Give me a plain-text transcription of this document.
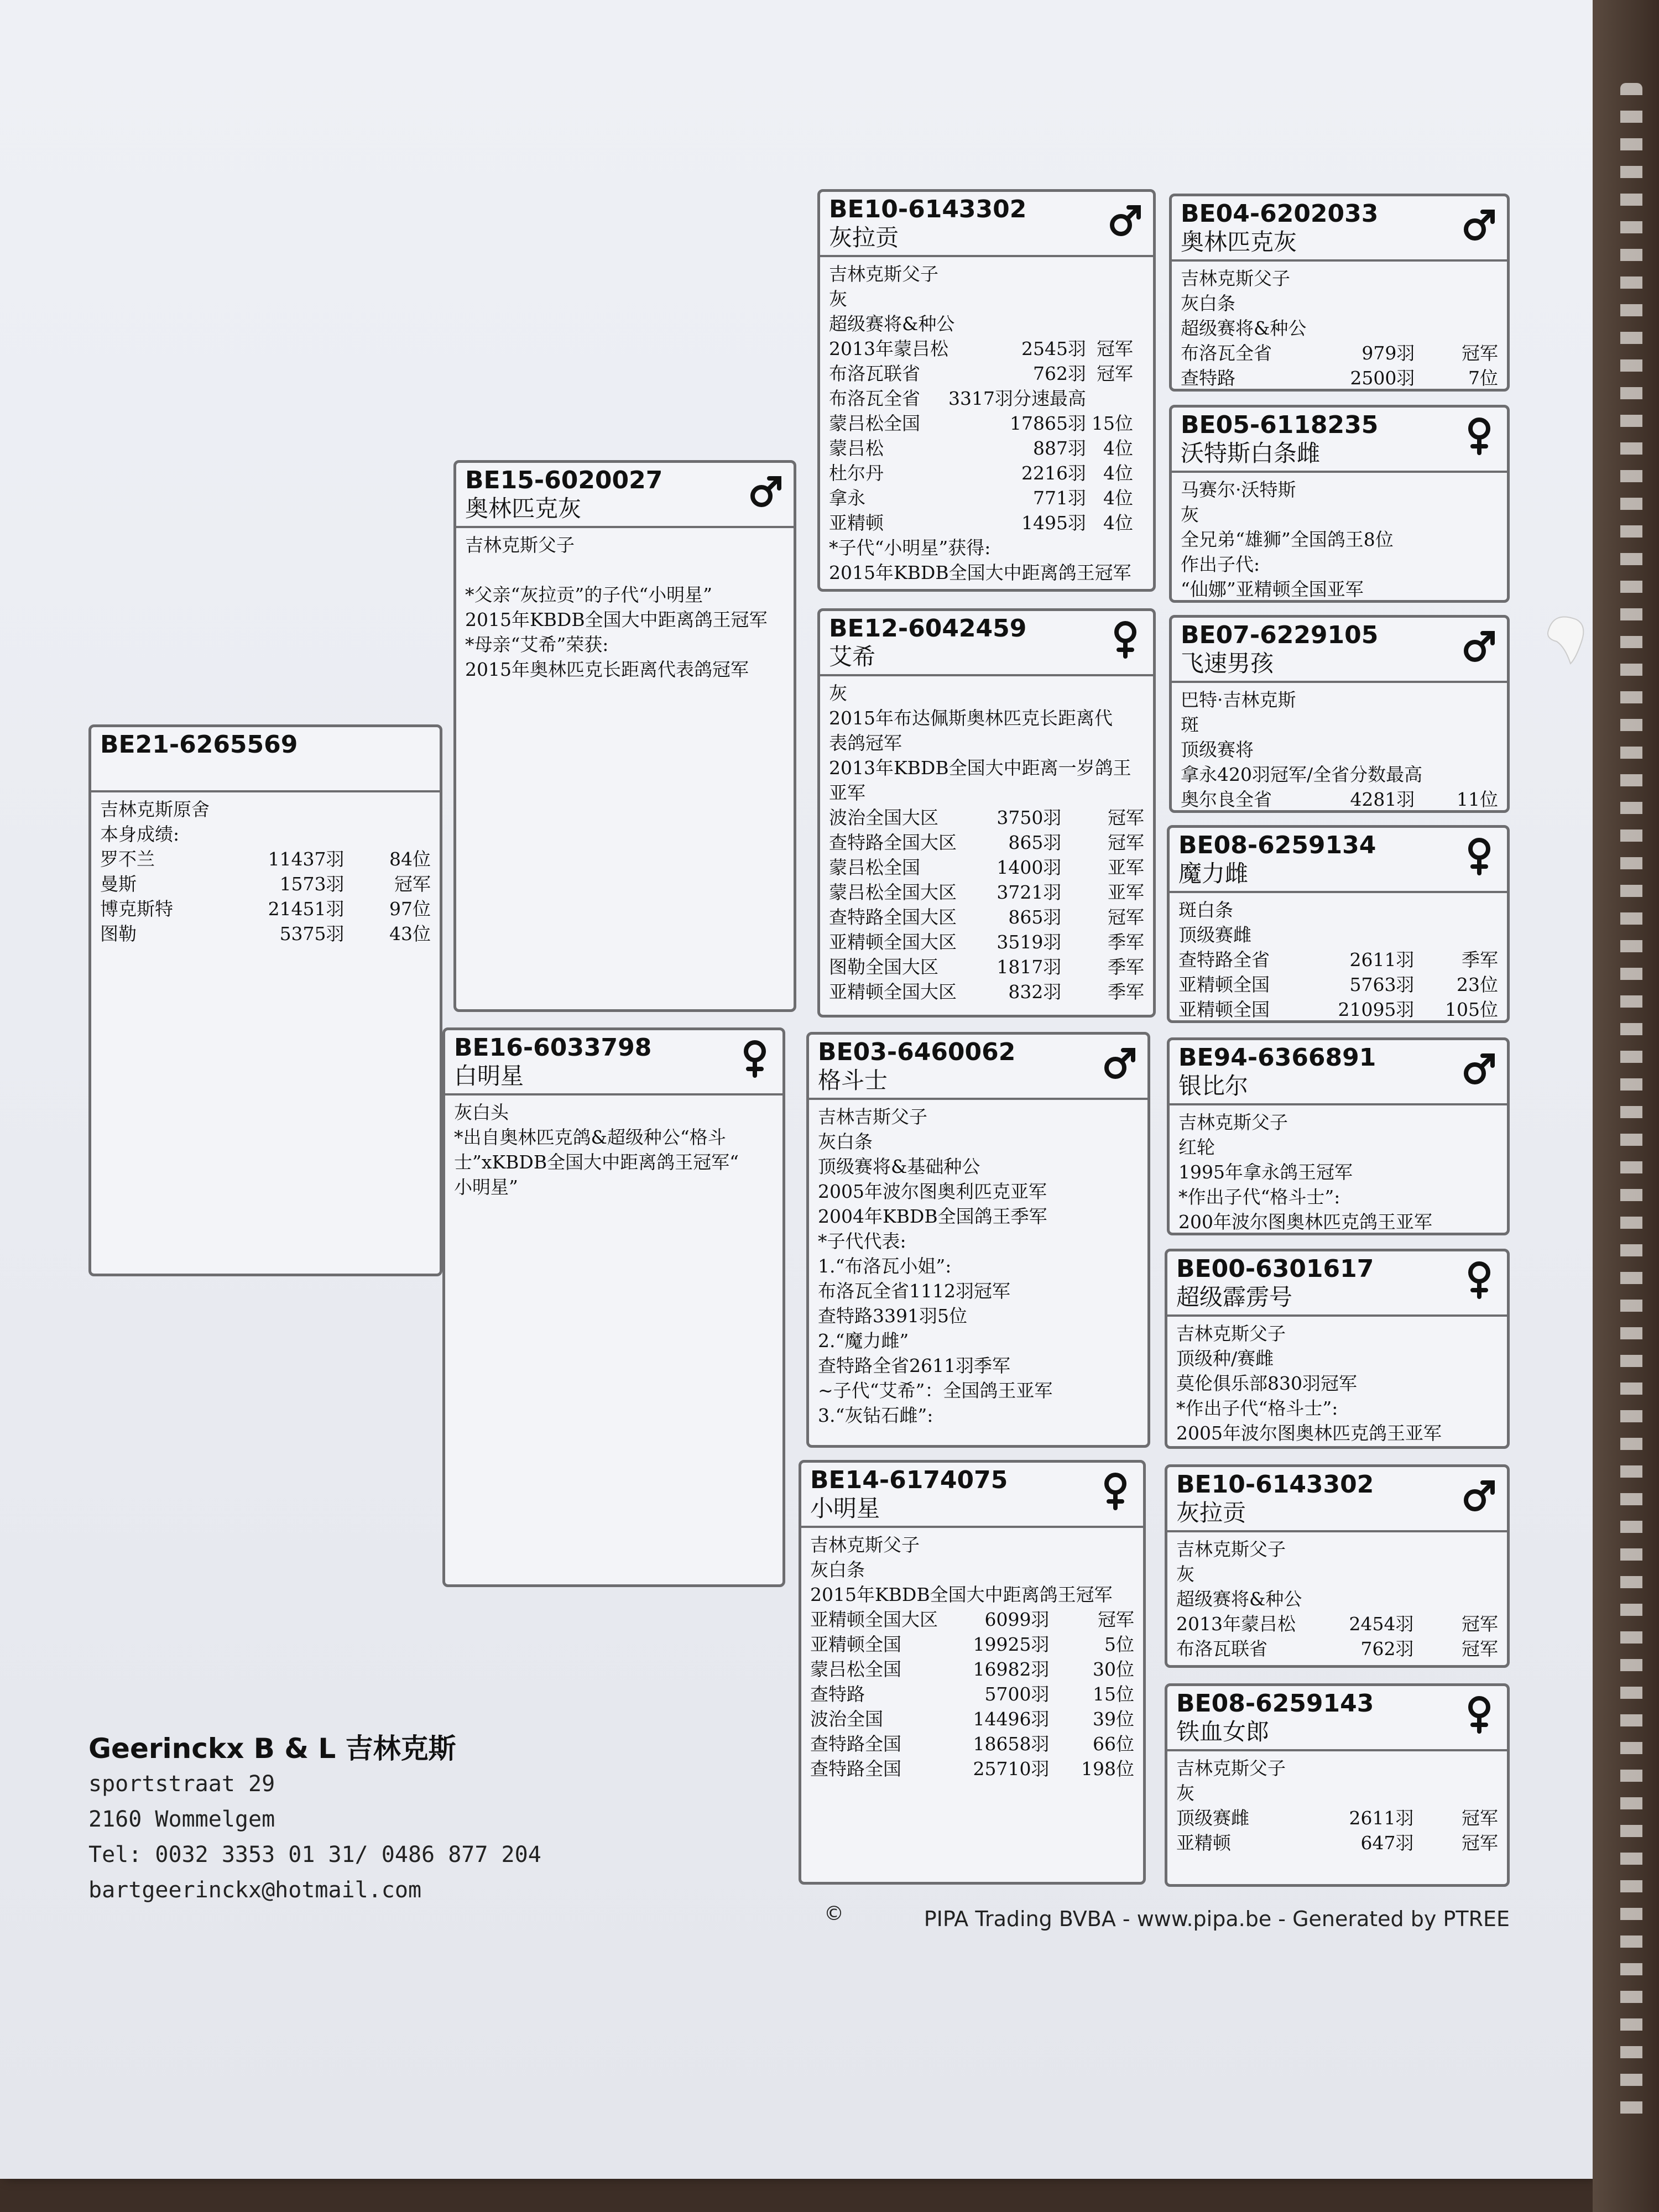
BE21-6265569

吉林克斯原舍
本身成绩:
罗不兰	11437羽	84位
曼斯	1573羽	冠军
博克斯特	21451羽	97位
图勒	5375羽	43位
BE15-6020027
奥林匹克灰
吉林克斯父子

*父亲“灰拉贡”的子代“小明星”
2015年KBDB全国大中距离鸽王冠军
*母亲“艾希”荣获:
2015年奥林匹克长距离代表鸽冠军
BE16-6033798
白明星
灰白头
*出自奥林匹克鸽&超级种公“格斗
士”xKBDB全国大中距离鸽王冠军“
小明星”
BE10-6143302
灰拉贡
吉林克斯父子
灰
超级赛将&种公
2013年蒙吕松	2545羽 冠军
布洛瓦联省	762羽 冠军
布洛瓦全省	3317羽分速最高
蒙吕松全国	17865羽 15位
蒙吕松	887羽 4位
杜尔丹	2216羽 4位
拿永	771羽 4位
亚精顿	1495羽 4位
*子代“小明星”获得:
2015年KBDB全国大中距离鸽王冠军
BE12-6042459
艾希
灰
2015年布达佩斯奥林匹克长距离代
表鸽冠军
2013年KBDB全国大中距离一岁鸽王
亚军
波治全国大区	3750羽	冠军
查特路全国大区	865羽	冠军
蒙吕松全国	1400羽	亚军
蒙吕松全国大区	3721羽	亚军
查特路全国大区	865羽	冠军
亚精顿全国大区	3519羽	季军
图勒全国大区	1817羽	季军
亚精顿全国大区	832羽	季军
BE03-6460062
格斗士
吉林吉斯父子
灰白条
顶级赛将&基础种公
2005年波尔图奥利匹克亚军
2004年KBDB全国鸽王季军
*子代代表:
1.“布洛瓦小姐”:
布洛瓦全省1112羽冠军
查特路3391羽5位
2.“魔力雌”
查特路全省2611羽季军
~子代“艾希”：全国鸽王亚军
3.“灰钻石雌”:
BE14-6174075
小明星
吉林克斯父子
灰白条
2015年KBDB全国大中距离鸽王冠军
亚精顿全国大区	6099羽	冠军
亚精顿全国	19925羽	5位
蒙吕松全国	16982羽	30位
查特路	5700羽	15位
波治全国	14496羽	39位
查特路全国	18658羽	66位
查特路全国	25710羽	198位
BE04-6202033
奥林匹克灰
吉林克斯父子
灰白条
超级赛将&种公
布洛瓦全省	979羽	冠军
查特路	2500羽	7位
BE05-6118235
沃特斯白条雌
马赛尔·沃特斯
灰
全兄弟“雄狮”全国鸽王8位
作出子代:
“仙娜”亚精顿全国亚军
BE07-6229105
飞速男孩
巴特·吉林克斯
斑
顶级赛将
拿永420羽冠军/全省分数最高
奥尔良全省	4281羽	11位
BE08-6259134
魔力雌
斑白条
顶级赛雌
查特路全省	2611羽	季军
亚精顿全国	5763羽	23位
亚精顿全国	21095羽	105位
BE94-6366891
银比尔
吉林克斯父子
红轮
1995年拿永鸽王冠军
*作出子代“格斗士”:
200年波尔图奥林匹克鸽王亚军
BE00-6301617
超级霹雳号
吉林克斯父子
顶级种/赛雌
莫伦俱乐部830羽冠军
*作出子代“格斗士”:
2005年波尔图奥林匹克鸽王亚军
BE10-6143302
灰拉贡
吉林克斯父子
灰
超级赛将&种公
2013年蒙吕松	2454羽	冠军
布洛瓦联省	762羽	冠军
BE08-6259143
铁血女郎
吉林克斯父子
灰
顶级赛雌	2611羽	冠军
亚精顿	647羽	冠军
Geerinckx B & L 吉林克斯
sportstraat 29
2160 Wommelgem
Tel: 0032 3353 01 31/ 0486 877 204
bartgeerinckx@hotmail.com
©	PIPA Trading BVBA - www.pipa.be - Generated by PTREE
